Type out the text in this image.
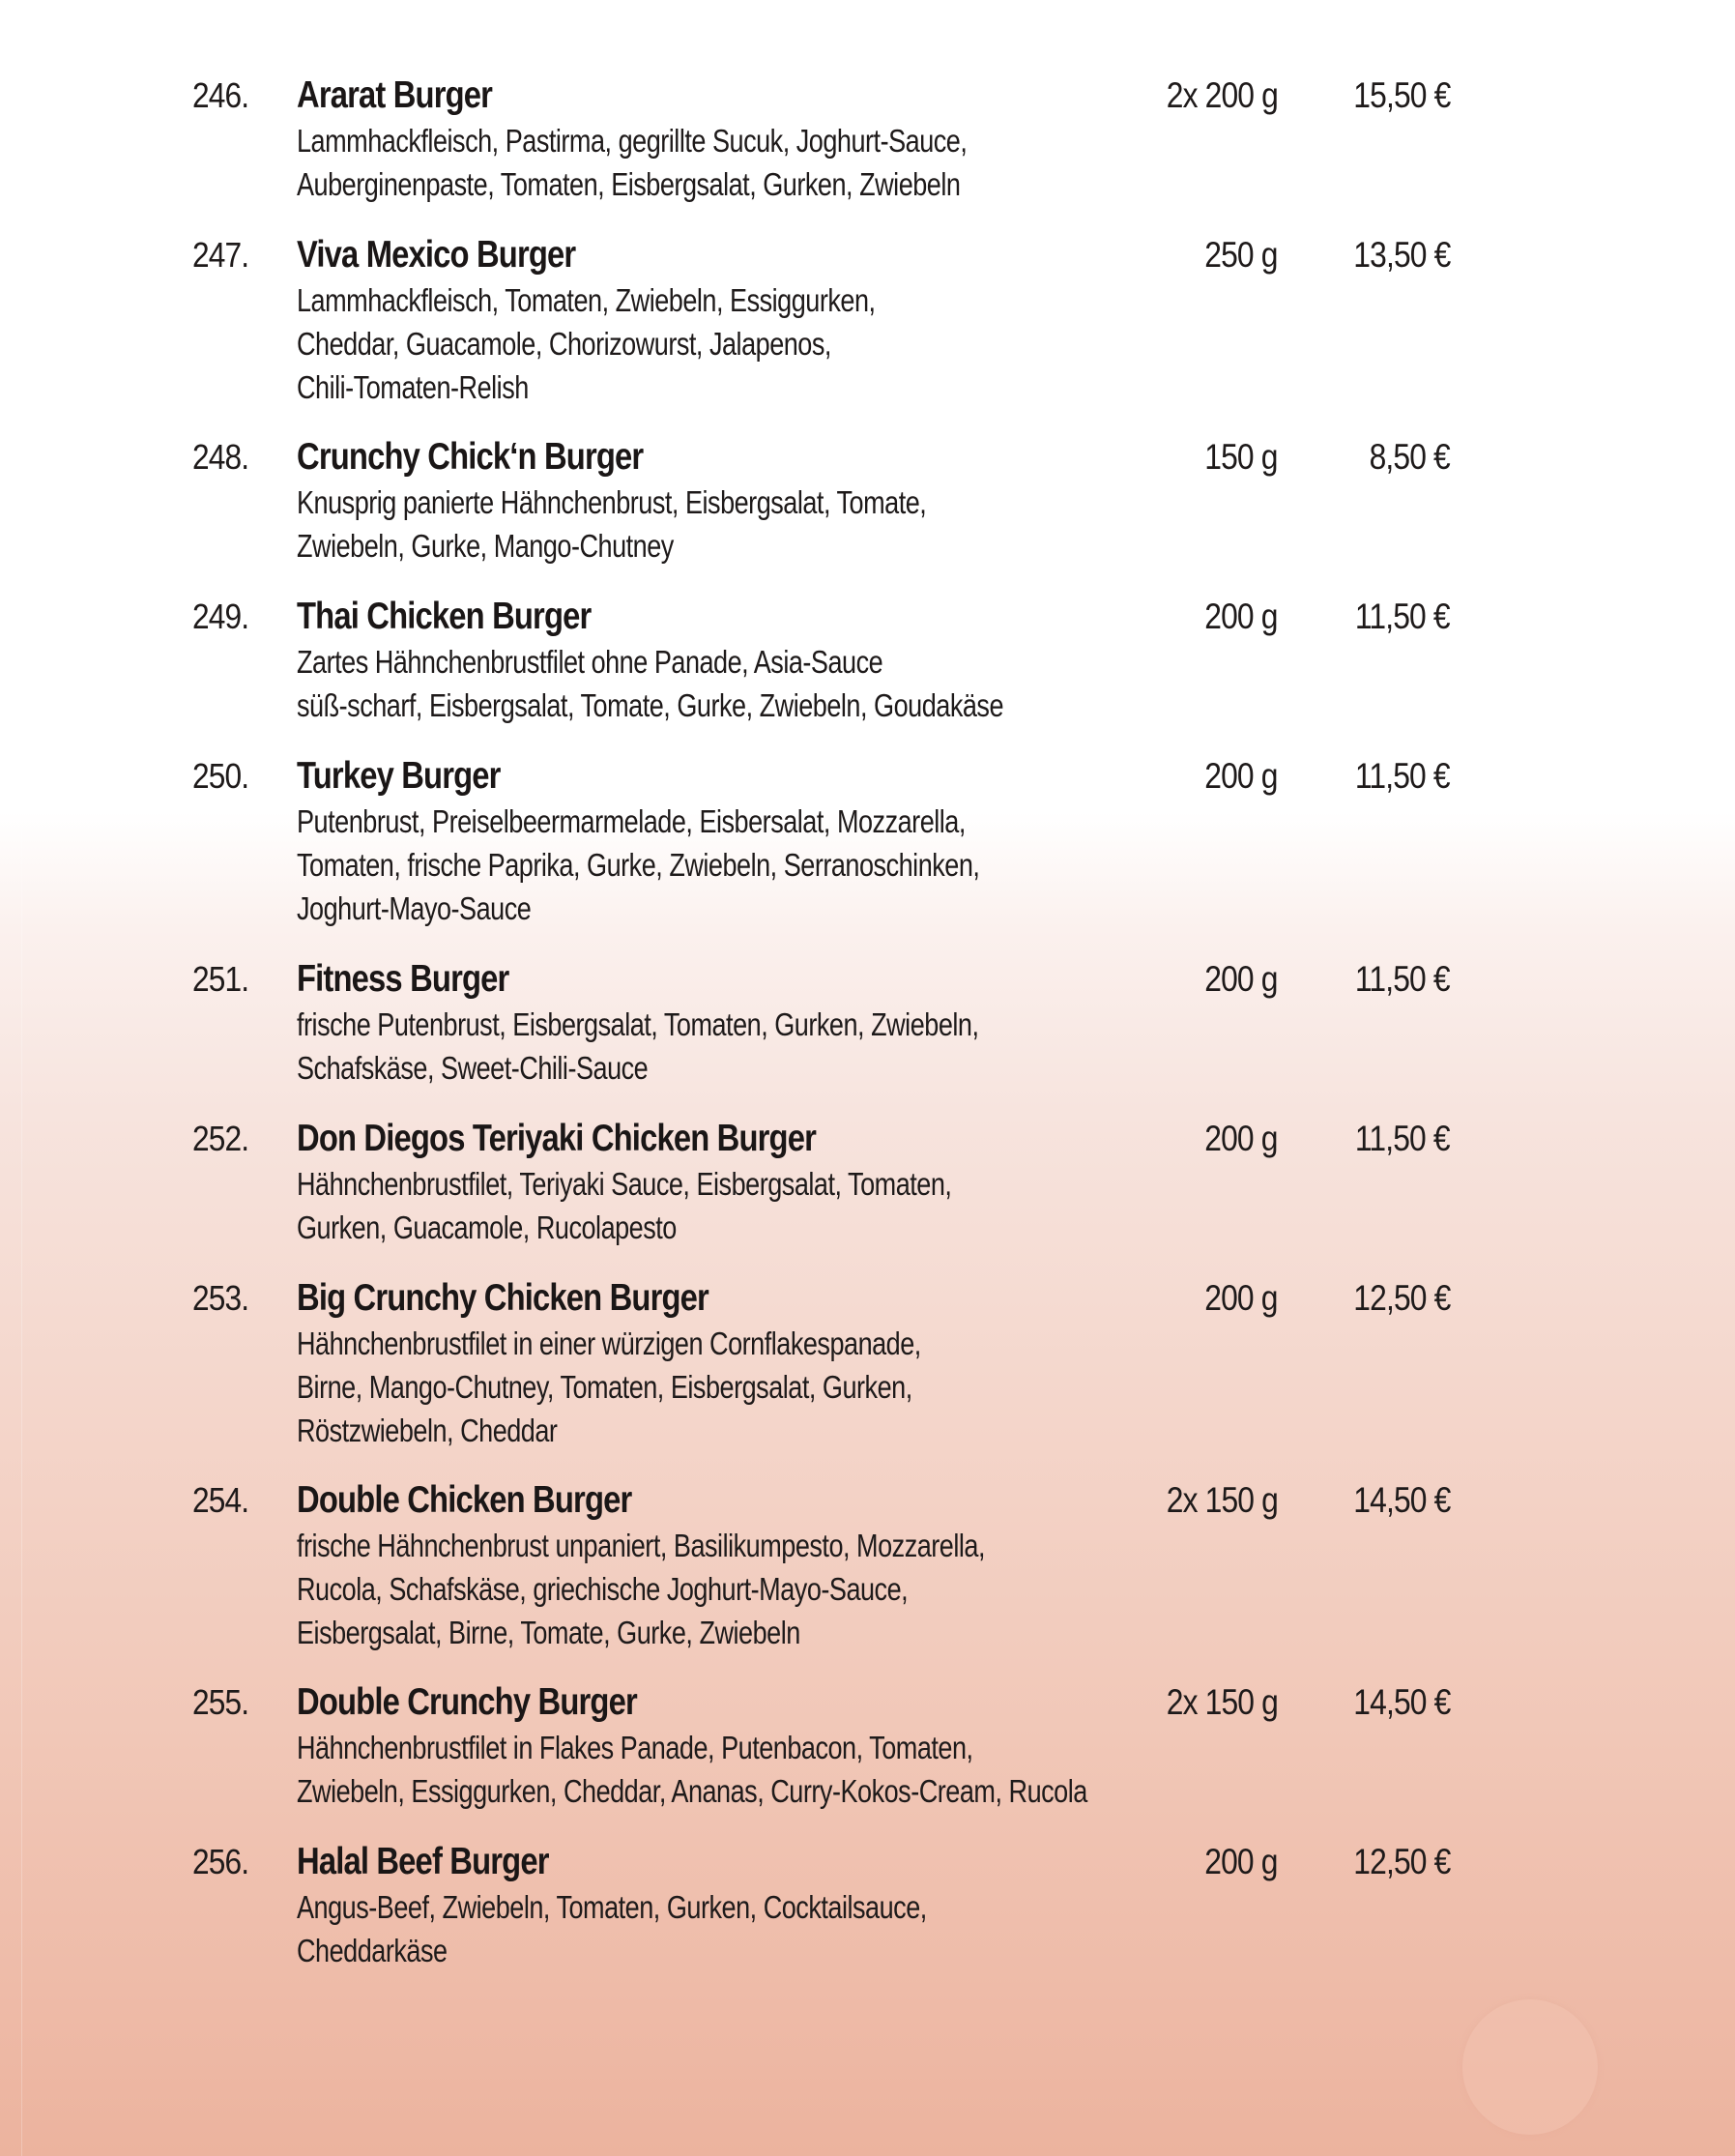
246. Ararat Burger	2x 200 g 15,50 €
Lammhackfleisch, Pastirma, gegrillte Sucuk, Joghurt-Sauce,
Auberginenpaste, Tomaten, Eisbergsalat, Gurken, Zwiebeln
247. Viva Mexico Burger	250 g 13,50 €
Lammhackfleisch, Tomaten, Zwiebeln, Essiggurken,
Cheddar, Guacamole, Chorizowurst, Jalapenos,
Chili-Tomaten-Relish
248. Crunchy Chick‘n Burger	150 g	8,50 €
Knusprig panierte Hähnchenbrust, Eisbergsalat, Tomate,
Zwiebeln, Gurke, Mango-Chutney
249. Thai Chicken Burger	200 g 11,50 €
Zartes Hähnchenbrustfilet ohne Panade, Asia-Sauce
süß-scharf, Eisbergsalat, Tomate, Gurke, Zwiebeln, Goudakäse
250. Turkey Burger	200 g 11,50 €
Putenbrust, Preiselbeermarmelade, Eisbersalat, Mozzarella,
Tomaten, frische Paprika, Gurke, Zwiebeln, Serranoschinken,
Joghurt-Mayo-Sauce
251. Fitness Burger	200 g 11,50 €
frische Putenbrust, Eisbergsalat, Tomaten, Gurken, Zwiebeln,
Schafskäse, Sweet-Chili-Sauce
252. Don Diegos Teriyaki Chicken Burger	200 g 11,50 €
Hähnchenbrustfilet, Teriyaki Sauce, Eisbergsalat, Tomaten,
Gurken, Guacamole, Rucolapesto
253. Big Crunchy Chicken Burger	200 g 12,50 €
Hähnchenbrustfilet in einer würzigen Cornflakespanade,
Birne, Mango-Chutney, Tomaten, Eisbergsalat, Gurken,
Röstzwiebeln, Cheddar
254. Double Chicken Burger	2x 150 g 14,50 €
frische Hähnchenbrust unpaniert, Basilikumpesto, Mozzarella,
Rucola, Schafskäse, griechische Joghurt-Mayo-Sauce,
Eisbergsalat, Birne, Tomate, Gurke, Zwiebeln
255. Double Crunchy Burger	2x 150 g 14,50 €
Hähnchenbrustfilet in Flakes Panade, Putenbacon, Tomaten,
Zwiebeln, Essiggurken, Cheddar, Ananas, Curry-Kokos-Cream, Rucola
256. Halal Beef Burger	200 g 12,50 €
Angus-Beef, Zwiebeln, Tomaten, Gurken, Cocktailsauce,
Cheddarkäse
